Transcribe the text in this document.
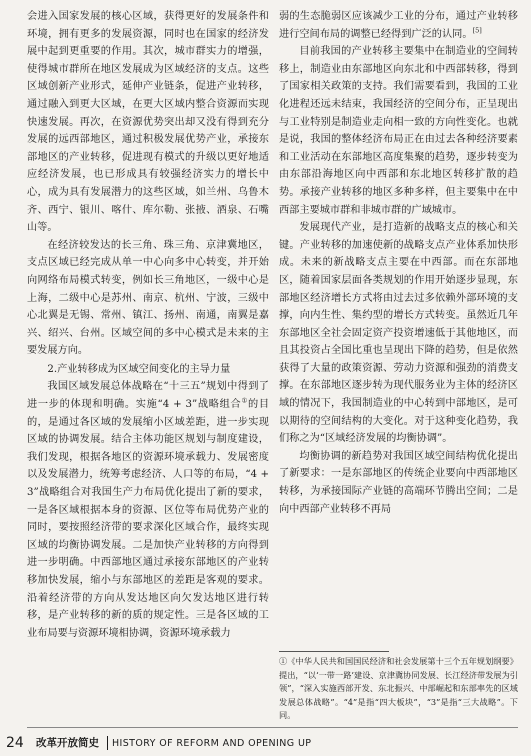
会进入国家发展的核心区域，获得更好的发展条件和环境，拥有更多的发展资源，同时也在国家的经济发展中起到更重要的作用。其次，城市群实力的增强，使得城市群所在地区发展成为区域经济的支点。这些区域创新产业形式，延伸产业链条，促进产业转移，通过融入到更大区域，在更大区域内整合资源而实现快速发展。再次，在资源优势突出却又没有得到充分发展的远西部地区，通过积极发展优势产业，承接东部地区的产业转移，促进现有模式的升级以更好地适应经济发展，也已形成具有较强经济实力的增长中心，成为具有发展潜力的这些区域，如兰州、乌鲁木齐、西宁、银川、喀什、库尔勒、张掖、酒泉、石嘴山等。

在经济较发达的长三角、珠三角、京津冀地区，支点区域已经完成从单一中心向多中心转变，并开始向网络布局模式转变，例如长三角地区，一级中心是上海，二级中心是苏州、南京、杭州、宁波，三级中心北翼是无锡、常州、镇江、扬州、南通，南翼是嘉兴、绍兴、台州。区域空间的多中心模式是未来的主要发展方向。

2.产业转移成为区域空间变化的主导力量

我国区域发展总体战略在“十三五”规划中得到了进一步的体现和明确。实施“4 + 3”战略组合①的目的，是通过各区域的发展缩小区域差距，进一步实现区域的协调发展。结合主体功能区规划与制度建设，我们发现，根据各地区的资源环境承载力、发展密度以及发展潜力，统筹考虑经济、人口等的布局，“4 + 3”战略组合对我国生产力布局优化提出了新的要求，一是各区域根据本身的资源、区位等布局优势产业的同时，要按照经济带的要求深化区域合作，最终实现区域的均衡协调发展。二是加快产业转移的方向得到进一步明确。中西部地区通过承接东部地区的产业转移加快发展，缩小与东部地区的差距是客观的要求。沿着经济带的方向从发达地区向欠发达地区进行转移，是产业转移的新的质的规定性。三是各区域的工业布局要与资源环境相协调，资源环境承载力

弱的生态脆弱区应该减少工业的分布，通过产业转移进行空间布局的调整已经得到广泛的认同。[5]

目前我国的产业转移主要集中在制造业的空间转移上，制造业由东部地区向东北和中西部转移，得到了国家相关政策的支持。我们需要看到，我国的工业化进程还远未结束，我国经济的空间分布，正呈现出与工业特别是制造业走向相一致的方向性变化。也就是说，我国的整体经济布局正在由过去各种经济要素和工业活动在东部地区高度集聚的趋势，逐步转变为由东部沿海地区向中西部和东北地区转移扩散的趋势。承接产业转移的地区多种多样，但主要集中在中西部主要城市群和非城市群的广域城市。

发展现代产业，是打造新的战略支点的核心和关键。产业转移的加速使新的战略支点产业体系加快形成。未来的新战略支点主要在中西部。而在东部地区，随着国家层面各类规划的作用开始逐步显现，东部地区经济增长方式将由过去过多依赖外部环境的支撑，向内生性、集约型的增长方式转变。虽然近几年东部地区全社会固定资产投资增速低于其他地区，而且其投资占全国比重也呈现出下降的趋势，但是依然获得了大量的政策资源、劳动力资源和强劲的消费支撑。在东部地区逐步转为现代服务业为主体的经济区域的情况下，我国制造业的中心转到中部地区，是可以期待的空间结构的大变化。对于这种变化趋势，我们称之为“区域经济发展的均衡协调”。

均衡协调的新趋势对我国区域空间结构优化提出了新要求：一是东部地区的传统企业要向中西部地区转移，为承接国际产业链的高端环节腾出空间；二是向中西部产业转移不再局

①《中华人民共和国国民经济和社会发展第十三个五年规划纲要》提出，“以‘一带一路’建设、京津冀协同发展、长江经济带发展为引领”，“深入实施西部开发、东北振兴、中部崛起和东部率先的区域发展总体战略”。“4”是指“四大板块”，“3”是指“三大战略”。下同。

24 改革开放简史 HISTORY OF REFORM AND OPENING UP
